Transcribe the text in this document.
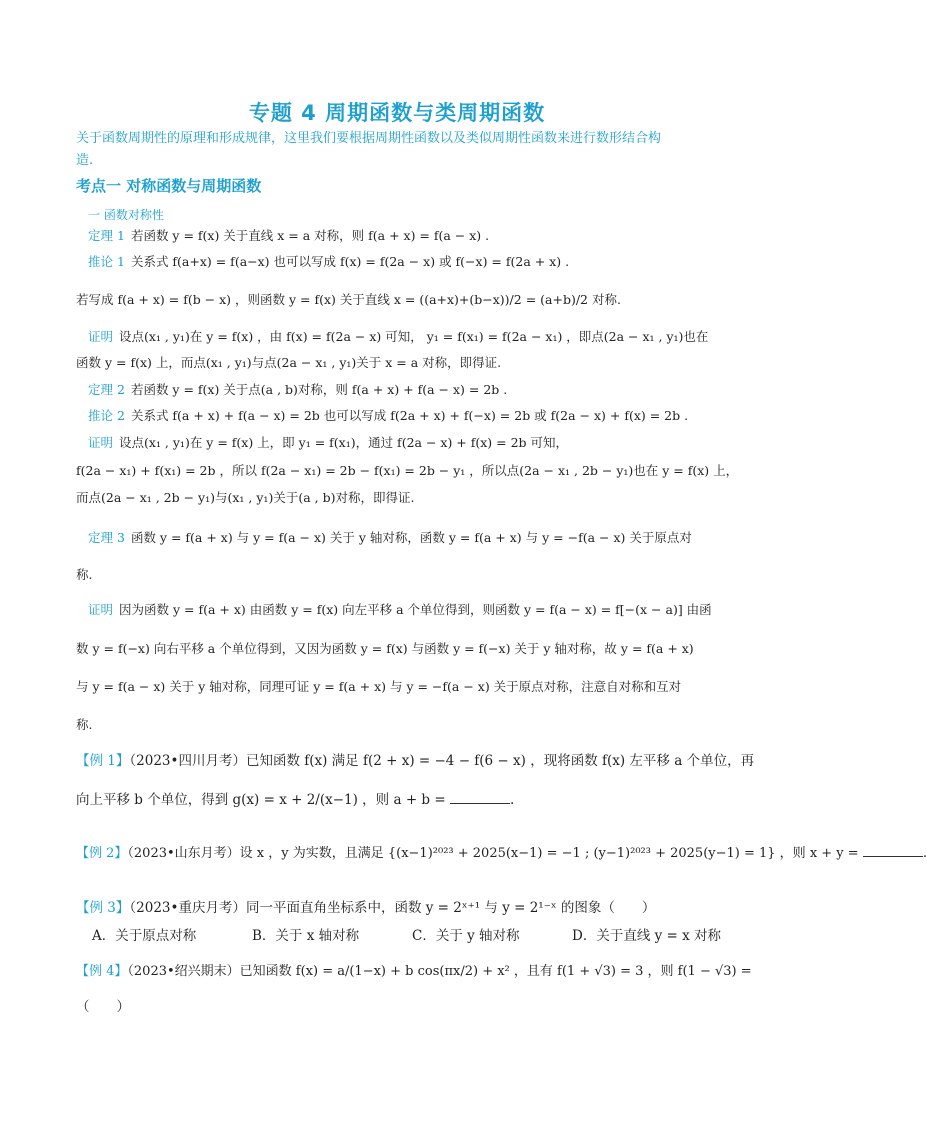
专题 4 周期函数与类周期函数
关于函数周期性的原理和形成规律，这里我们要根据周期性函数以及类似周期性函数来进行数形结合构
造.
考点一 对称函数与周期函数
一 函数对称性
定理 1 若函数 y = f(x) 关于直线 x = a 对称，则 f(a + x) = f(a − x) .
推论 1 关系式 f(a+x) = f(a−x) 也可以写成 f(x) = f(2a − x) 或 f(−x) = f(2a + x) .
若写成 f(a + x) = f(b − x) ，则函数 y = f(x) 关于直线 x = ((a+x)+(b−x))/2 = (a+b)/2 对称.
证明 设点(x₁ , y₁)在 y = f(x) ，由 f(x) = f(2a − x) 可知， y₁ = f(x₁) = f(2a − x₁) ，即点(2a − x₁ , y₁)也在
函数 y = f(x) 上，而点(x₁ , y₁)与点(2a − x₁ , y₁)关于 x = a 对称，即得证.
定理 2 若函数 y = f(x) 关于点(a , b)对称，则 f(a + x) + f(a − x) = 2b .
推论 2 关系式 f(a + x) + f(a − x) = 2b 也可以写成 f(2a + x) + f(−x) = 2b 或 f(2a − x) + f(x) = 2b .
证明 设点(x₁ , y₁)在 y = f(x) 上，即 y₁ = f(x₁)，通过 f(2a − x) + f(x) = 2b 可知，
f(2a − x₁) + f(x₁) = 2b ，所以 f(2a − x₁) = 2b − f(x₁) = 2b − y₁ ，所以点(2a − x₁ , 2b − y₁)也在 y = f(x) 上，
而点(2a − x₁ , 2b − y₁)与(x₁ , y₁)关于(a , b)对称，即得证.
定理 3 函数 y = f(a + x) 与 y = f(a − x) 关于 y 轴对称，函数 y = f(a + x) 与 y = −f(a − x) 关于原点对
称.
证明 因为函数 y = f(a + x) 由函数 y = f(x) 向左平移 a 个单位得到，则函数 y = f(a − x) = f[−(x − a)] 由函
数 y = f(−x) 向右平移 a 个单位得到，又因为函数 y = f(x) 与函数 y = f(−x) 关于 y 轴对称，故 y = f(a + x)
与 y = f(a − x) 关于 y 轴对称，同理可证 y = f(a + x) 与 y = −f(a − x) 关于原点对称，注意自对称和互对
称.
【例 1】（2023•四川月考）已知函数 f(x) 满足 f(2 + x) = −4 − f(6 − x) ，现将函数 f(x) 左平移 a 个单位，再
向上平移 b 个单位，得到 g(x) = x + 2/(x−1) ，则 a + b =	.
【例 2】（2023•山东月考）设 x ，y 为实数，且满足 {(x−1)²⁰²³ + 2025(x−1) = −1 ; (y−1)²⁰²³ + 2025(y−1) = 1} ，则 x + y =	.
【例 3】（2023•重庆月考）同一平面直角坐标系中，函数 y = 2ˣ⁺¹ 与 y = 2¹⁻ˣ 的图象（　　）
A．关于原点对称	B．关于 x 轴对称	C．关于 y 轴对称	D．关于直线 y = x 对称
【例 4】（2023•绍兴期末）已知函数 f(x) = a/(1−x) + b cos(πx/2) + x² ，且有 f(1 + √3) = 3 ，则 f(1 − √3) =
（　　）
